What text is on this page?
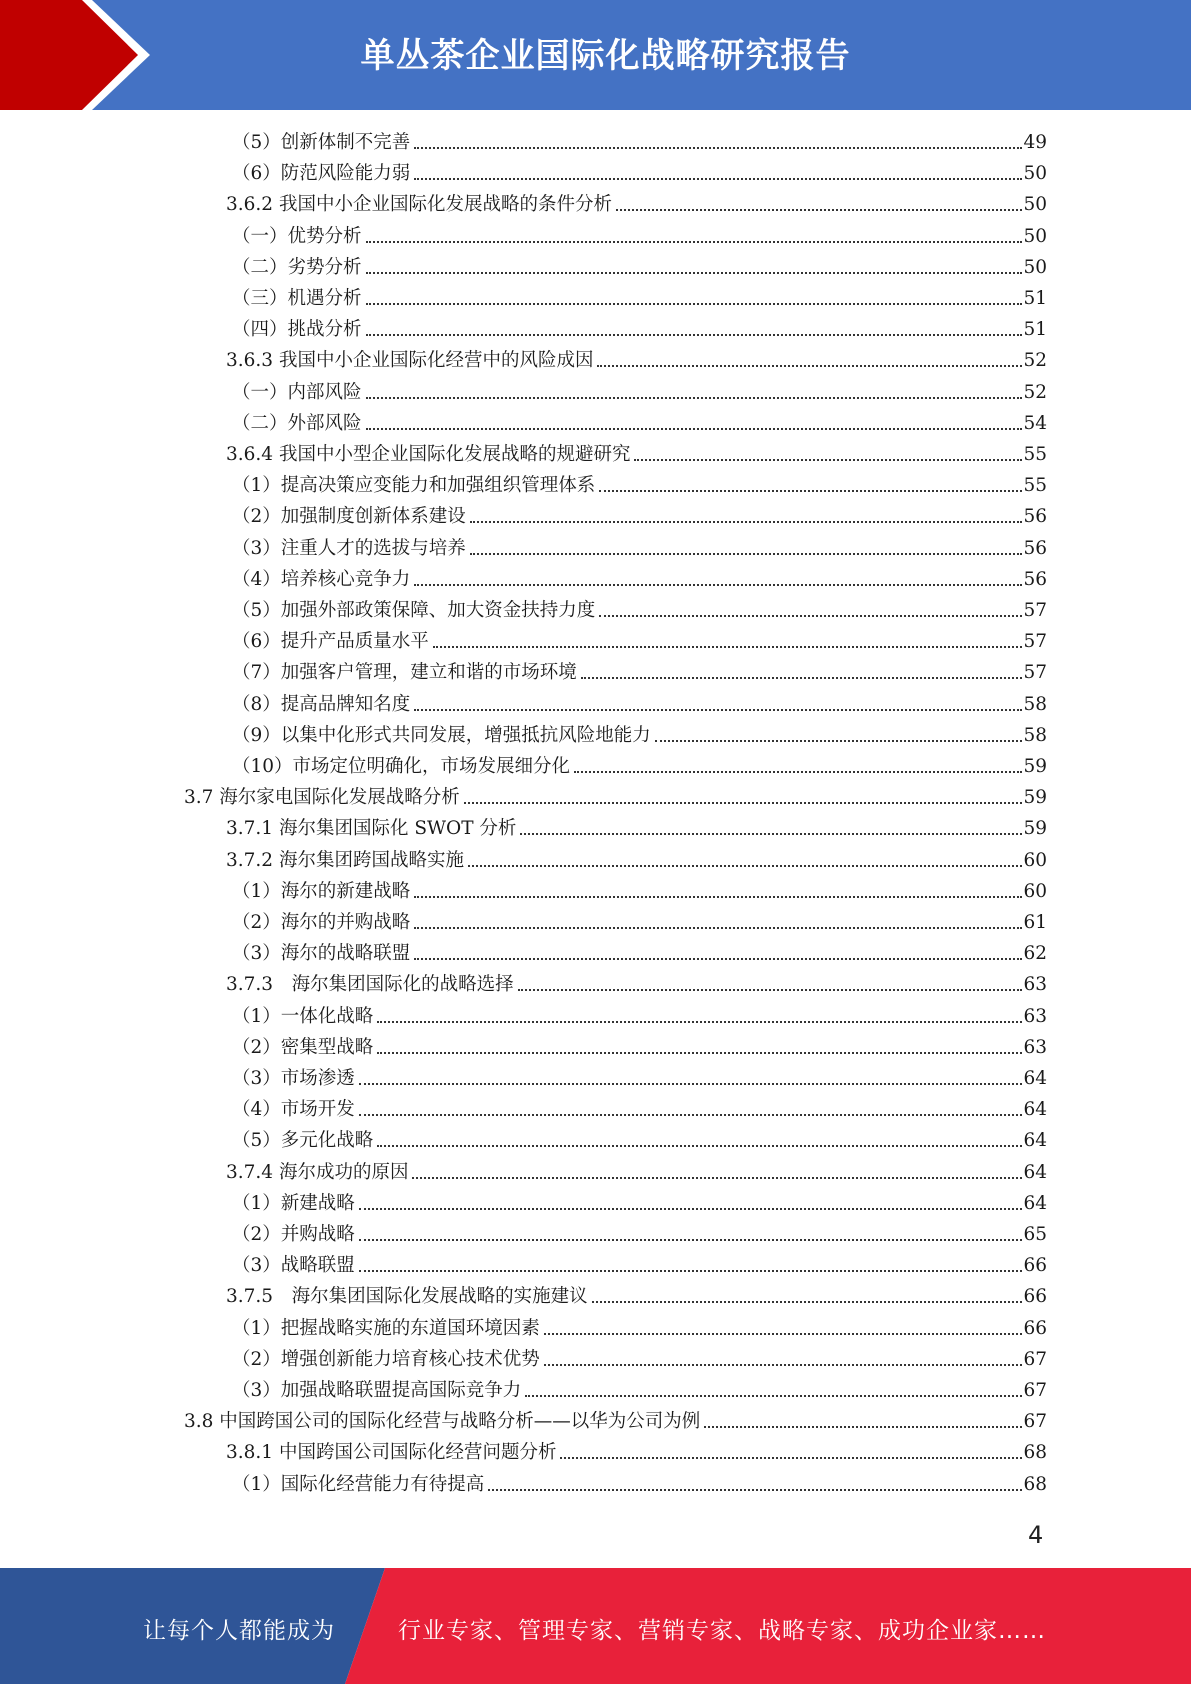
单丛茶企业国际化战略研究报告
（5）创新体制不完善	49
（6）防范风险能力弱	50
3.6.2 我国中小企业国际化发展战略的条件分析	50
（一）优势分析	50
（二）劣势分析	50
（三）机遇分析	51
（四）挑战分析	51
3.6.3 我国中小企业国际化经营中的风险成因	52
（一）内部风险	52
（二）外部风险	54
3.6.4 我国中小型企业国际化发展战略的规避研究	55
（1）提高决策应变能力和加强组织管理体系	55
（2）加强制度创新体系建设	56
（3）注重人才的选拔与培养	56
（4）培养核心竞争力	56
（5）加强外部政策保障、加大资金扶持力度	57
（6）提升产品质量水平	57
（7）加强客户管理，建立和谐的市场环境	57
（8）提高品牌知名度	58
（9）以集中化形式共同发展，增强抵抗风险地能力	58
（10）市场定位明确化，市场发展细分化	59
3.7 海尔家电国际化发展战略分析	59
3.7.1 海尔集团国际化 SWOT 分析	59
3.7.2 海尔集团跨国战略实施	60
（1）海尔的新建战略	60
（2）海尔的并购战略	61
（3）海尔的战略联盟	62
3.7.3　海尔集团国际化的战略选择	63
（1）一体化战略	63
（2）密集型战略	63
（3）市场渗透	64
（4）市场开发	64
（5）多元化战略	64
3.7.4 海尔成功的原因	64
（1）新建战略	64
（2）并购战略	65
（3）战略联盟	66
3.7.5　海尔集团国际化发展战略的实施建议	66
（1）把握战略实施的东道国环境因素	66
（2）增强创新能力培育核心技术优势	67
（3）加强战略联盟提高国际竞争力	67
3.8 中国跨国公司的国际化经营与战略分析——以华为公司为例	67
3.8.1 中国跨国公司国际化经营问题分析	68
（1）国际化经营能力有待提高	68
4
让每个人都能成为	行业专家、管理专家、营销专家、战略专家、成功企业家……
